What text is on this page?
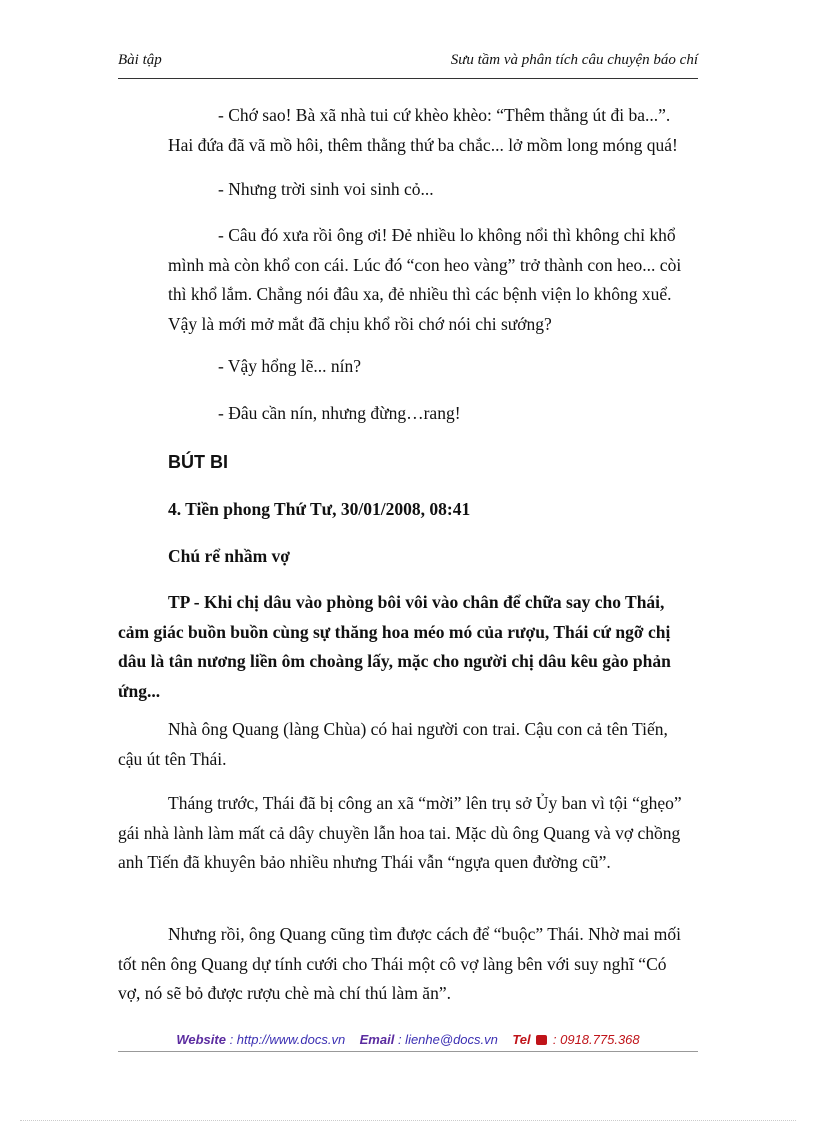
Bài tập	Sưu tầm và phân tích câu chuyện báo chí
- Chớ sao! Bà xã nhà tui cứ khèo khèo: “Thêm thằng út đi ba...”. Hai đứa đã vã mồ hôi, thêm thằng thứ ba chắc... lở mồm long móng quá!
- Nhưng trời sinh voi sinh cỏ...
- Câu đó xưa rồi ông ơi! Đẻ nhiều lo không nổi thì không chỉ khổ mình mà còn khổ con cái. Lúc đó “con heo vàng” trở thành con heo... còi thì khổ lắm. Chẳng nói đâu xa, đẻ nhiều thì các bệnh viện lo không xuể. Vậy là mới mở mắt đã chịu khổ rồi chớ nói chi sướng?
- Vậy hổng lẽ... nín?
- Đâu cần nín, nhưng đừng…rang!
BÚT BI
4. Tiền phong Thứ Tư, 30/01/2008, 08:41
Chú rể nhầm vợ
TP - Khi chị dâu vào phòng bôi vôi vào chân để chữa say cho Thái, cảm giác buồn buồn cùng sự thăng hoa méo mó của rượu, Thái cứ ngỡ chị dâu là tân nương liền ôm choàng lấy, mặc cho người chị dâu kêu gào phản ứng...
Nhà ông Quang (làng Chùa) có hai người con trai. Cậu con cả tên Tiến, cậu út tên Thái.
Tháng trước, Thái đã bị công an xã “mời” lên trụ sở Ủy ban vì tội “ghẹo” gái nhà lành làm mất cả dây chuyền lẫn hoa tai. Mặc dù ông Quang và vợ chồng anh Tiến đã khuyên bảo nhiều nhưng Thái vẫn “ngựa quen đường cũ”.
Nhưng rồi, ông Quang cũng tìm được cách để “buộc” Thái. Nhờ mai mối tốt nên ông Quang dự tính cưới cho Thái một cô vợ làng bên với suy nghĩ “Có vợ, nó sẽ bỏ được rượu chè mà chí thú làm ăn”.
Website : http://www.docs.vn Email : lienhe@docs.vn Tel : 0918.775.368
